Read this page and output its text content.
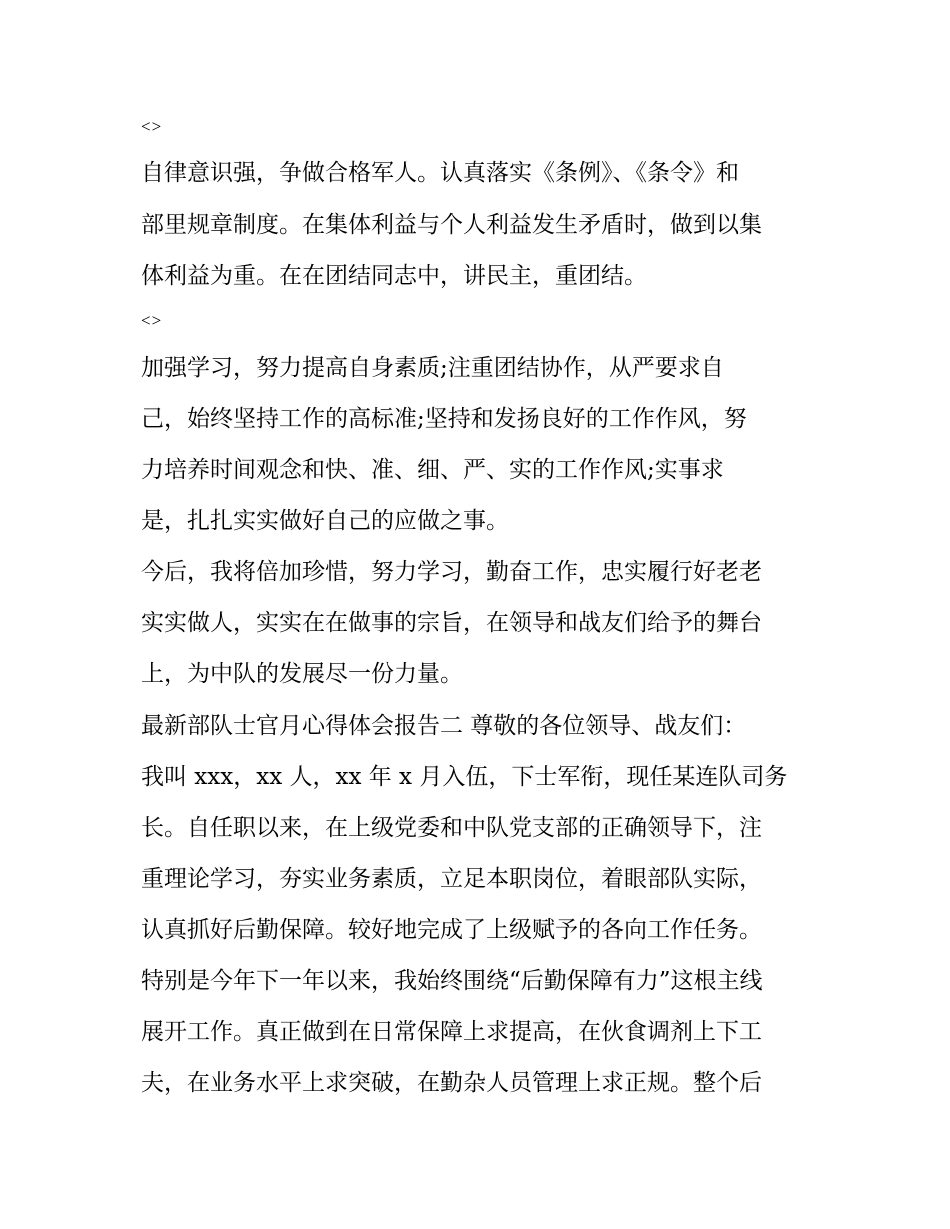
<>

自律意识强，争做合格军人。认真落实《条例》、《条令》和

部里规章制度。在集体利益与个人利益发生矛盾时，做到以集

体利益为重。在在团结同志中，讲民主，重团结。

<>

加强学习，努力提高自身素质;注重团结协作，从严要求自

己，始终坚持工作的高标准;坚持和发扬良好的工作作风，努

力培养时间观念和快、准、细、严、实的工作作风;实事求

是，扎扎实实做好自己的应做之事。

今后，我将倍加珍惜，努力学习，勤奋工作，忠实履行好老老

实实做人，实实在在做事的宗旨，在领导和战友们给予的舞台

上，为中队的发展尽一份力量。

最新部队士官月心得体会报告二 尊敬的各位领导、战友们：

我叫 xxx，xx 人，xx 年 x 月入伍，下士军衔，现任某连队司务

长。自任职以来，在上级党委和中队党支部的正确领导下，注

重理论学习，夯实业务素质，立足本职岗位，着眼部队实际，

认真抓好后勤保障。较好地完成了上级赋予的各向工作任务。

特别是今年下一年以来，我始终围绕“后勤保障有力”这根主线

展开工作。真正做到在日常保障上求提高，在伙食调剂上下工

夫，在业务水平上求突破，在勤杂人员管理上求正规。整个后
